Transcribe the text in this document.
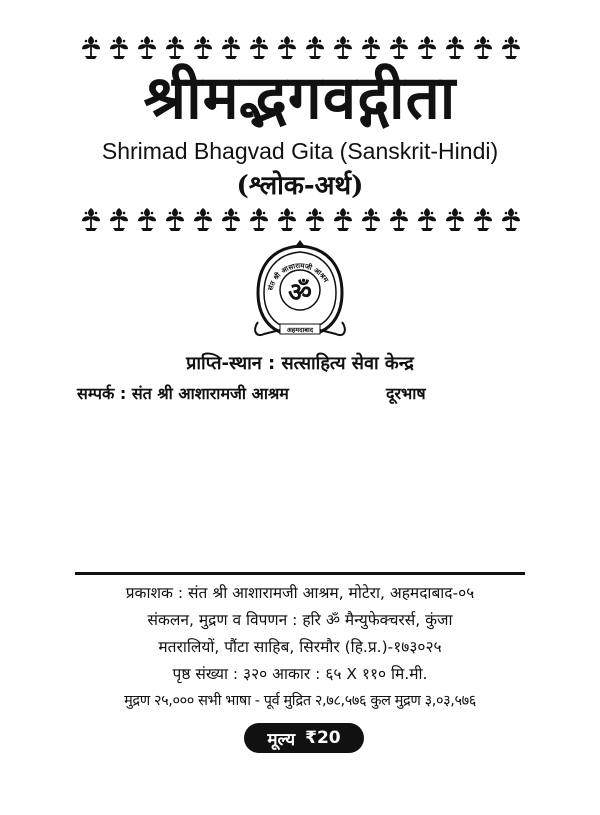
श्रीमद्भगवद्गीता
Shrimad Bhagvad Gita (Sanskrit-Hindi)
(श्लोक-अर्थ)
ॐ
संत श्री आसारामजी आश्रम
अहमदाबाद
प्राप्ति-स्थान : सत्साहित्य सेवा केन्द्र
सम्पर्क : संत श्री आशारामजी आश्रम	दूरभाष
प्रकाशक : संत श्री आशारामजी आश्रम, मोटेरा, अहमदाबाद-०५
संकलन, मुद्रण व विपणन : हरि ॐ मैन्युफेक्चरर्स, कुंजा
मतरालियों, पौंटा साहिब, सिरमौर (हि.प्र.)-१७३०२५
पृष्ठ संख्या : ३२० आकार : ६५ X ११० मि.मी.
मुद्रण २५,००० सभी भाषा - पूर्व मुद्रित २,७८,५७६ कुल मुद्रण ३,०३,५७६
मूल्य ₹20
